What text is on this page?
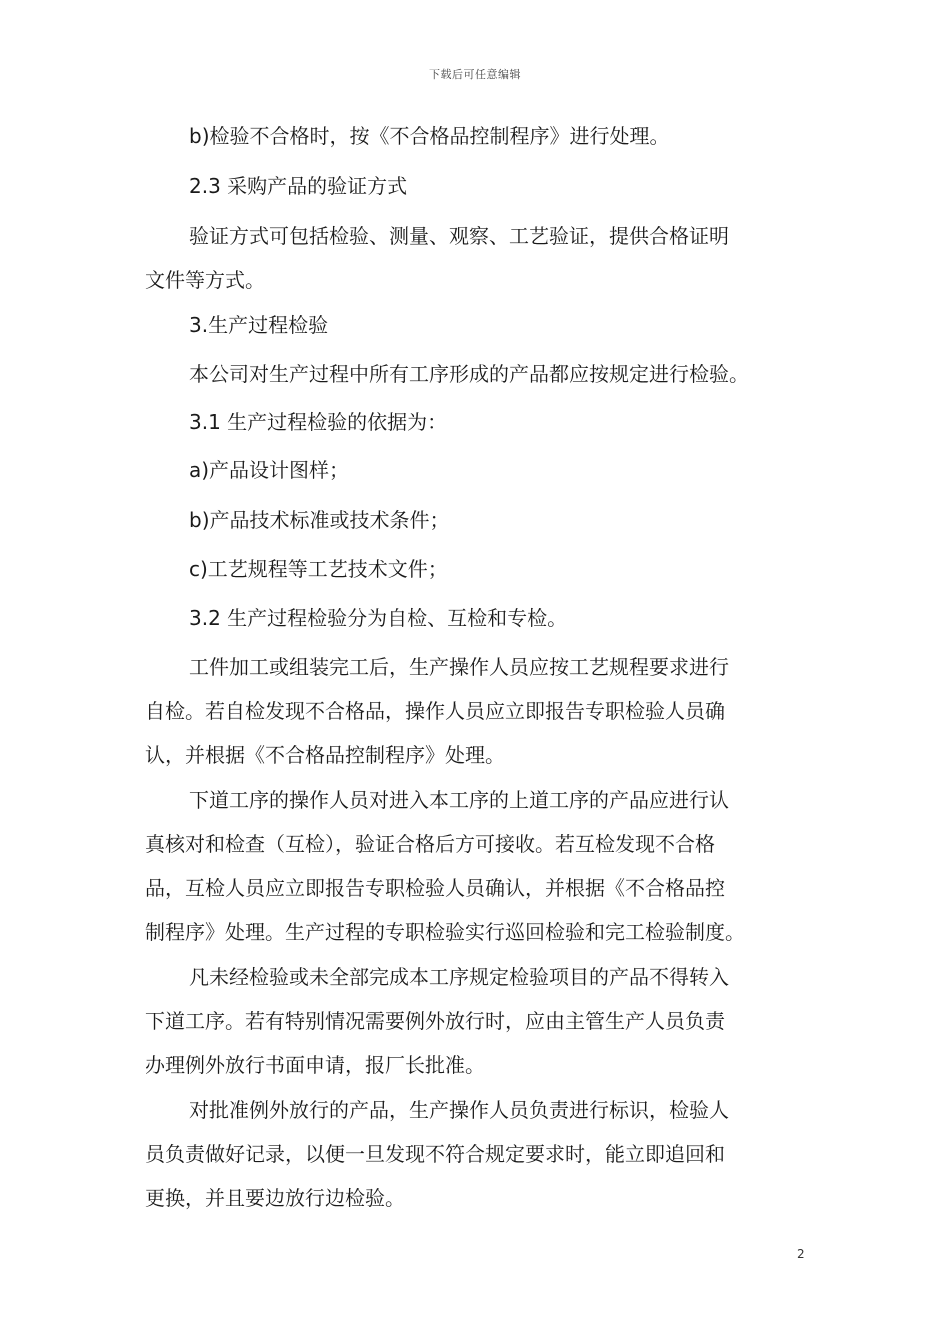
下载后可任意编辑
b)检验不合格时，按《不合格品控制程序》进行处理。
2.3 采购产品的验证方式
验证方式可包括检验、测量、观察、工艺验证，提供合格证明
文件等方式。
3.生产过程检验
本公司对生产过程中所有工序形成的产品都应按规定进行检验。
3.1 生产过程检验的依据为：
a)产品设计图样；
b)产品技术标准或技术条件；
c)工艺规程等工艺技术文件；
3.2 生产过程检验分为自检、互检和专检。
工件加工或组装完工后，生产操作人员应按工艺规程要求进行
自检。若自检发现不合格品，操作人员应立即报告专职检验人员确
认，并根据《不合格品控制程序》处理。
下道工序的操作人员对进入本工序的上道工序的产品应进行认
真核对和检查（互检），验证合格后方可接收。若互检发现不合格
品，互检人员应立即报告专职检验人员确认，并根据《不合格品控
制程序》处理。生产过程的专职检验实行巡回检验和完工检验制度。
凡未经检验或未全部完成本工序规定检验项目的产品不得转入
下道工序。若有特别情况需要例外放行时，应由主管生产人员负责
办理例外放行书面申请，报厂长批准。
对批准例外放行的产品，生产操作人员负责进行标识，检验人
员负责做好记录，以便一旦发现不符合规定要求时，能立即追回和
更换，并且要边放行边检验。
2
